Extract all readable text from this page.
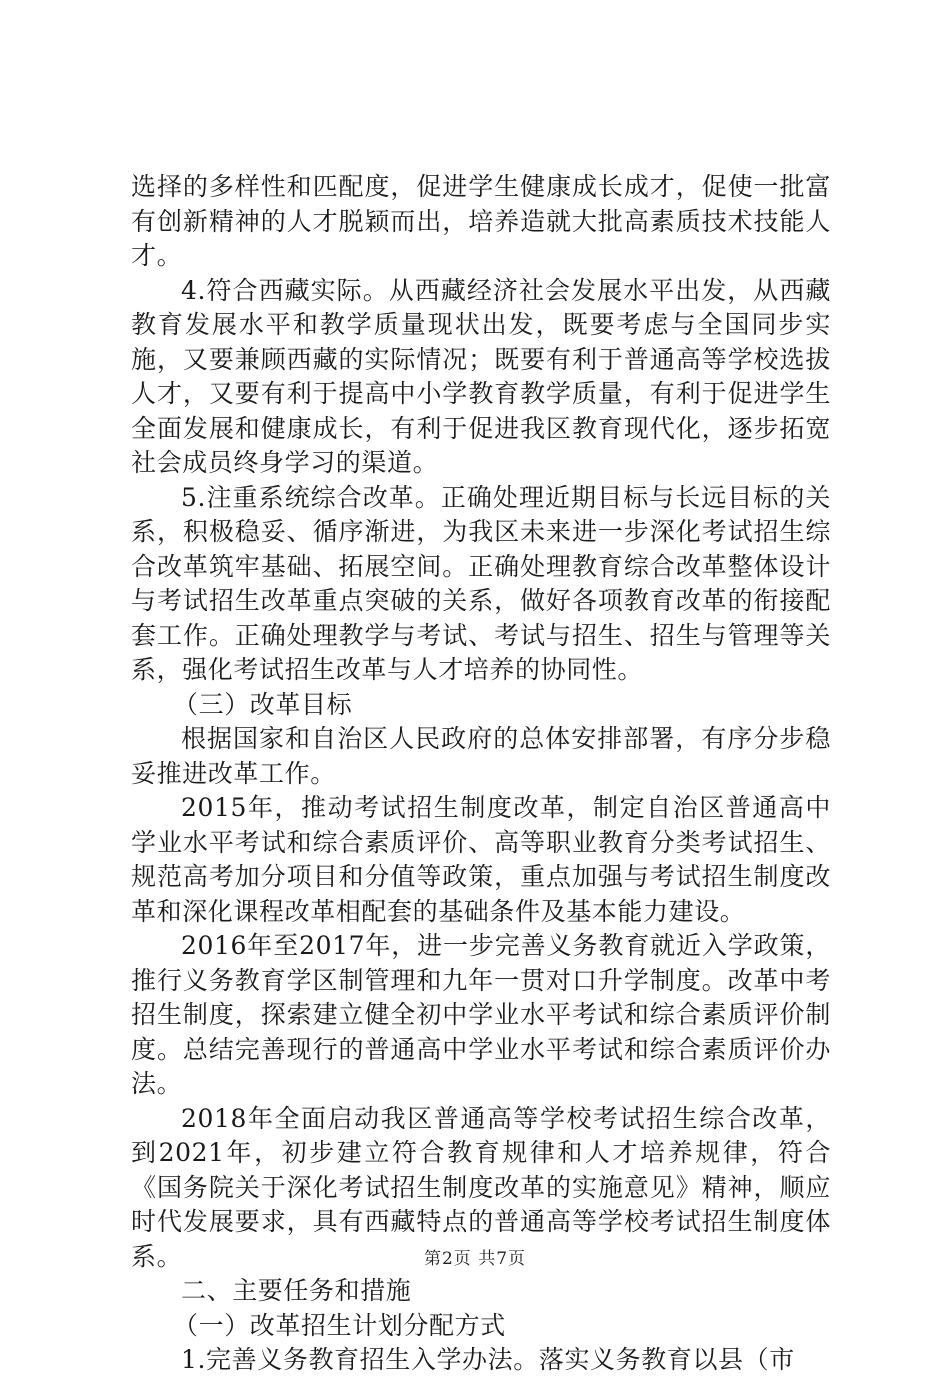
选择的多样性和匹配度，促进学生健康成长成才，促使一批富有创新精神的人才脱颖而出，培养造就大批高素质技术技能人才。

4.符合西藏实际。从西藏经济社会发展水平出发，从西藏教育发展水平和教学质量现状出发，既要考虑与全国同步实施，又要兼顾西藏的实际情况；既要有利于普通高等学校选拔人才，又要有利于提高中小学教育教学质量，有利于促进学生全面发展和健康成长，有利于促进我区教育现代化，逐步拓宽社会成员终身学习的渠道。

5.注重系统综合改革。正确处理近期目标与长远目标的关系，积极稳妥、循序渐进，为我区未来进一步深化考试招生综合改革筑牢基础、拓展空间。正确处理教育综合改革整体设计与考试招生改革重点突破的关系，做好各项教育改革的衔接配套工作。正确处理教学与考试、考试与招生、招生与管理等关系，强化考试招生改革与人才培养的协同性。

（三）改革目标

根据国家和自治区人民政府的总体安排部署，有序分步稳妥推进改革工作。

2015年，推动考试招生制度改革，制定自治区普通高中学业水平考试和综合素质评价、高等职业教育分类考试招生、规范高考加分项目和分值等政策，重点加强与考试招生制度改革和深化课程改革相配套的基础条件及基本能力建设。

2016年至2017年，进一步完善义务教育就近入学政策，推行义务教育学区制管理和九年一贯对口升学制度。改革中考招生制度，探索建立健全初中学业水平考试和综合素质评价制度。总结完善现行的普通高中学业水平考试和综合素质评价办法。

2018年全面启动我区普通高等学校考试招生综合改革，到2021年，初步建立符合教育规律和人才培养规律，符合《国务院关于深化考试招生制度改革的实施意见》精神，顺应时代发展要求，具有西藏特点的普通高等学校考试招生制度体系。

二、主要任务和措施

（一）改革招生计划分配方式

1.完善义务教育招生入学办法。落实义务教育以县（市

第2页 共7页
